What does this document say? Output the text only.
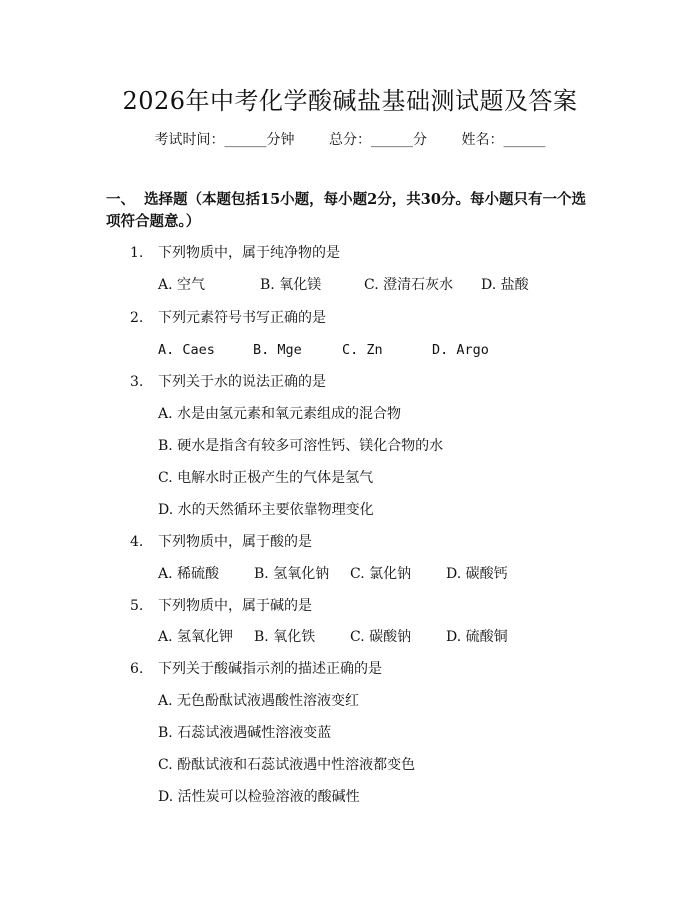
2026年中考化学酸碱盐基础测试题及答案
考试时间：______分钟 总分：______分 姓名：______
一、 选择题（本题包括15小题，每小题2分，共30分。每小题只有一个选项符合题意。）
1. 下列物质中，属于纯净物的是
A. 空气	B. 氧化镁	C. 澄清石灰水 D. 盐酸
2. 下列元素符号书写正确的是
A. Caes	B. Mge	C. Zn	D. Argo
3. 下列关于水的说法正确的是
A. 水是由氢元素和氧元素组成的混合物
B. 硬水是指含有较多可溶性钙、镁化合物的水
C. 电解水时正极产生的气体是氢气
D. 水的天然循环主要依靠物理变化
4. 下列物质中，属于酸的是
A. 稀硫酸 B. 氢氧化钠 C. 氯化钠 D. 碳酸钙
5. 下列物质中，属于碱的是
A. 氢氧化钾 B. 氧化铁 C. 碳酸钠 D. 硫酸铜
6. 下列关于酸碱指示剂的描述正确的是
A. 无色酚酞试液遇酸性溶液变红
B. 石蕊试液遇碱性溶液变蓝
C. 酚酞试液和石蕊试液遇中性溶液都变色
D. 活性炭可以检验溶液的酸碱性
